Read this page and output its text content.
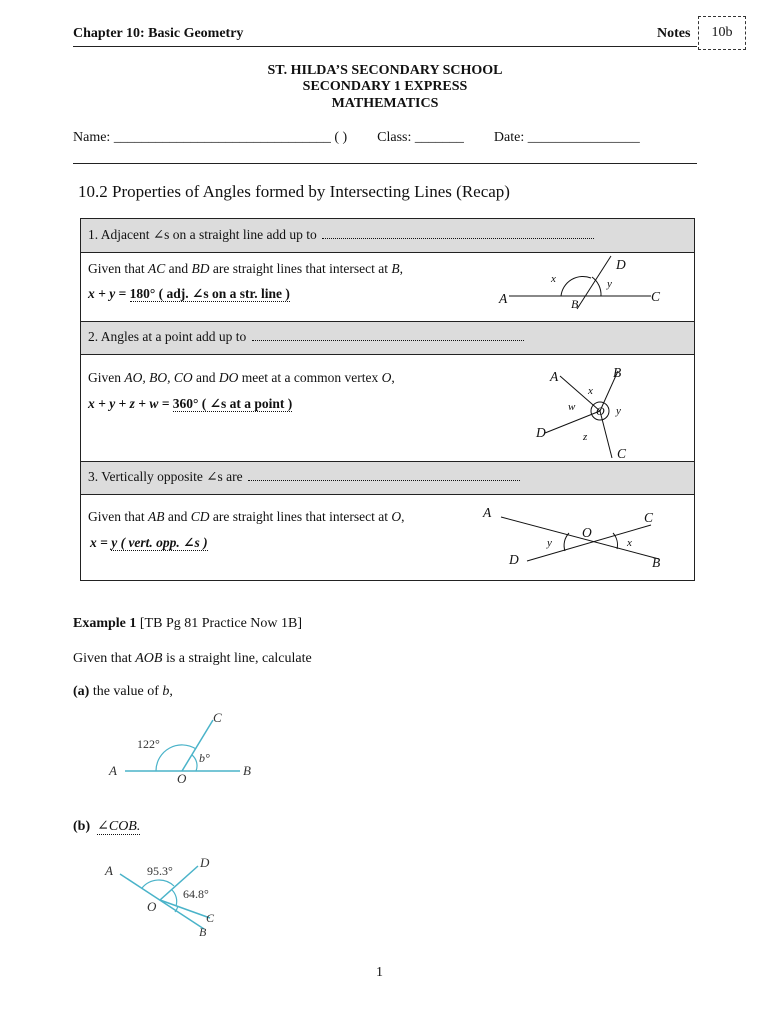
Chapter 10: Basic Geometry	Notes	10b
ST. HILDA’S SECONDARY SCHOOL
SECONDARY 1 EXPRESS
MATHEMATICS
Name: _______________________________ ( ) Class: _______ Date: ________________
10.2 Properties of Angles formed by Intersecting Lines (Recap)
1. Adjacent ∠s on a straight line add up to
Given that AC and BD are straight lines that intersect at B,
x + y = 180° ( adj. ∠s on a str. line )	A	B	C
D
x	y
2. Angles at a point add up to
Given AO, BO, CO and DO meet at a common vertex O,
x + y + z + w = 360° ( ∠s at a point )
A	B
C
D
O
x
y
z
w
3. Vertically opposite ∠s are
Given that AB and CD are straight lines that intersect at O,
x = y ( vert. opp. ∠s )
A
B
C
D
O
x
y
Example 1 [TB Pg 81 Practice Now 1B]
Given that AOB is a straight line, calculate
(a) the value of b,
A
O
B
C
122°
b°
(b) ∠COB.
A
O
B
C
D
95.3°
64.8°
1
